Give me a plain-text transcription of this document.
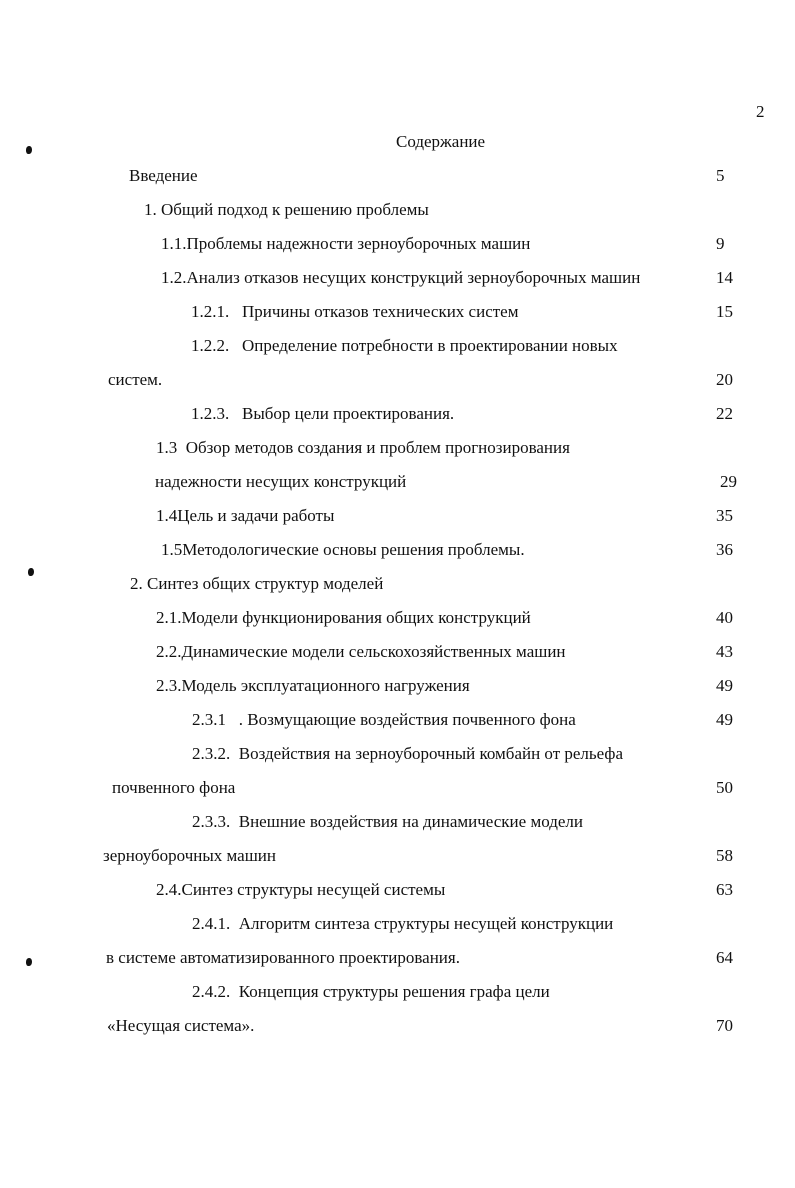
2
Содержание
Введение	5
1. Общий подход к решению проблемы
1.1.Проблемы надежности зерноуборочных машин	9
1.2.Анализ отказов несущих конструкций зерноуборочных машин	14
1.2.1.   Причины отказов технических систем	15
1.2.2.   Определение потребности в проектировании новых
систем.	20
1.2.3.   Выбор цели проектирования.	22
1.3  Обзор методов создания и проблем прогнозирования
надежности несущих конструкций	29
1.4Цель и задачи работы	35
1.5Методологические основы решения проблемы.	36
2. Синтез общих структур моделей
2.1.Модели функционирования общих конструкций	40
2.2.Динамические модели сельскохозяйственных машин	43
2.3.Модель эксплуатационного нагружения	49
2.3.1   . Возмущающие воздействия почвенного фона	49
2.3.2.  Воздействия на зерноуборочный комбайн от рельефа
почвенного фона	50
2.3.3.  Внешние воздействия на динамические модели
зерноуборочных машин	58
2.4.Синтез структуры несущей системы	63
2.4.1.  Алгоритм синтеза структуры несущей конструкции
в системе автоматизированного проектирования.	64
2.4.2.  Концепция структуры решения графа цели
«Несущая система».	70
